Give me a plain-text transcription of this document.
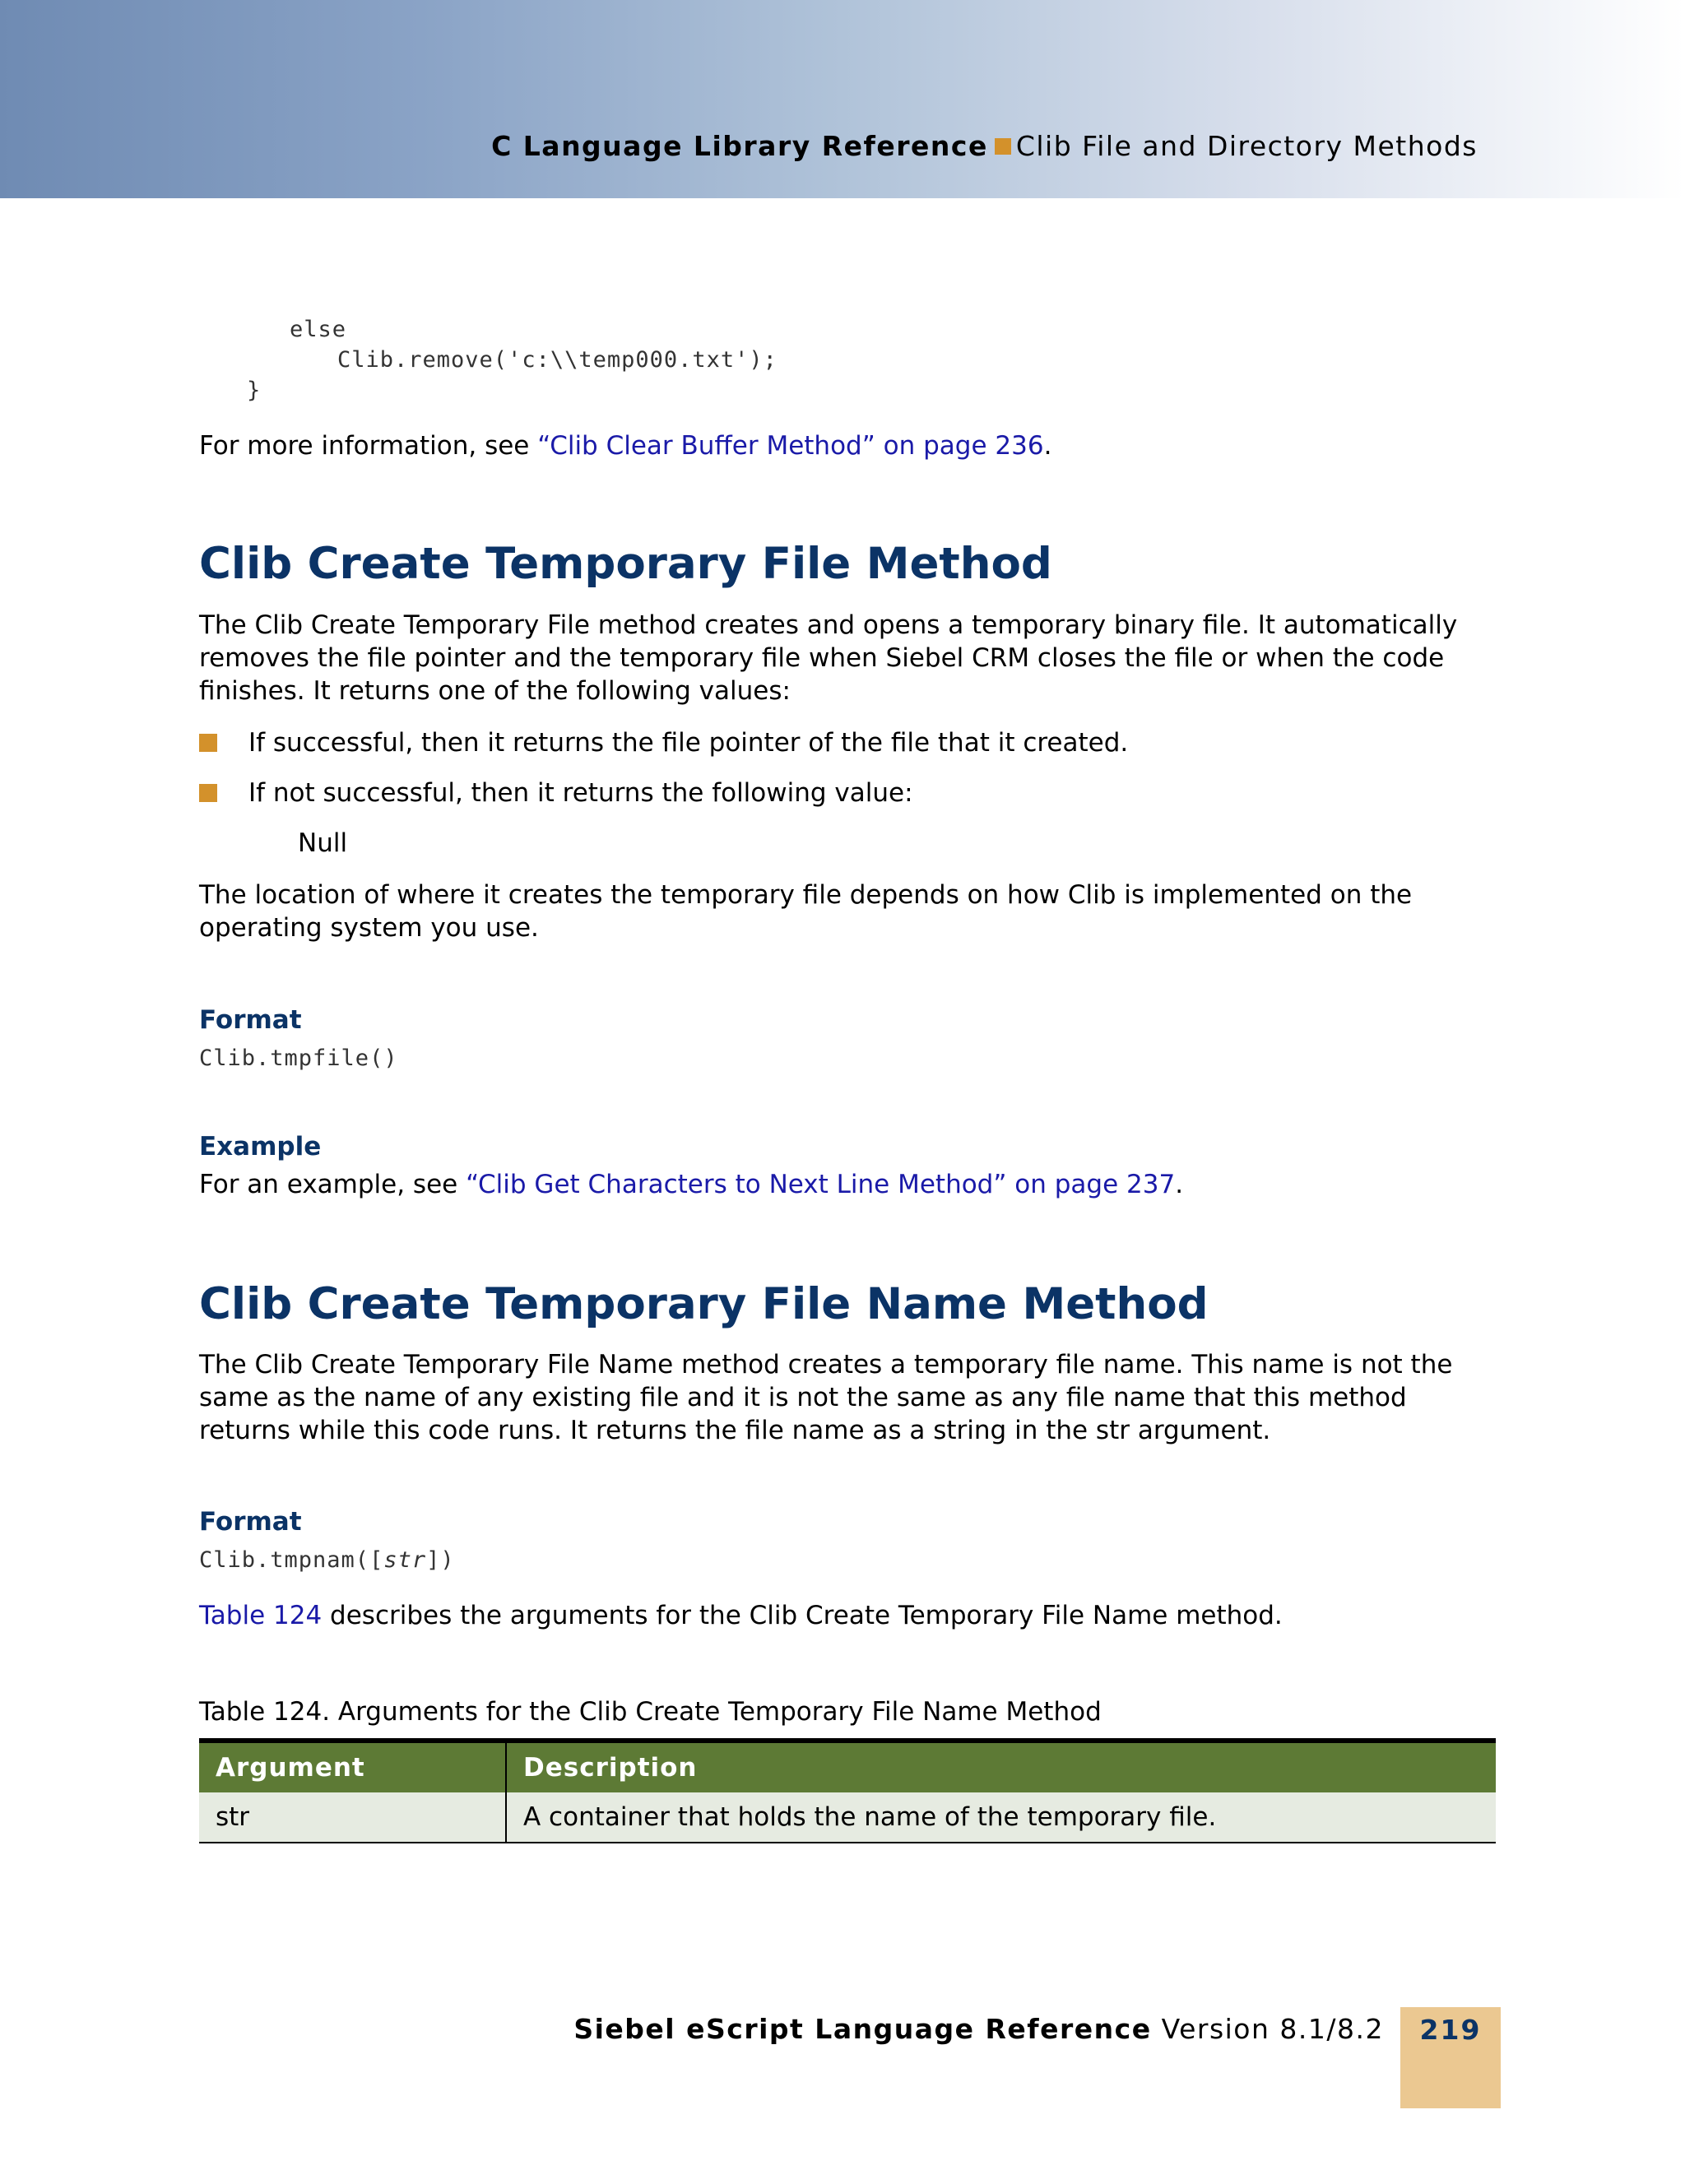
C Language Library Reference Clib File and Directory Methods
else
Clib.remove('c:\\temp000.txt');
}

For more information, see “Clib Clear Buffer Method” on page 236.

Clib Create Temporary File Method

The Clib Create Temporary File method creates and opens a temporary binary file. It automatically removes the file pointer and the temporary file when Siebel CRM closes the file or when the code finishes. It returns one of the following values:

If successful, then it returns the file pointer of the file that it created.
If not successful, then it returns the following value:

Null

The location of where it creates the temporary file depends on how Clib is implemented on the operating system you use.

Format
Clib.tmpfile()
Example

For an example, see “Clib Get Characters to Next Line Method” on page 237.

Clib Create Temporary File Name Method

The Clib Create Temporary File Name method creates a temporary file name. This name is not the same as the name of any existing file and it is not the same as any file name that this method returns while this code runs. It returns the file name as a string in the str argument.

Format
Clib.tmpnam([str])

Table 124 describes the arguments for the Clib Create Temporary File Name method.

Table 124. Arguments for the Clib Create Temporary File Name Method
Argument	Description
str	A container that holds the name of the temporary file.
Siebel eScript Language Reference Version 8.1/8.2	219
